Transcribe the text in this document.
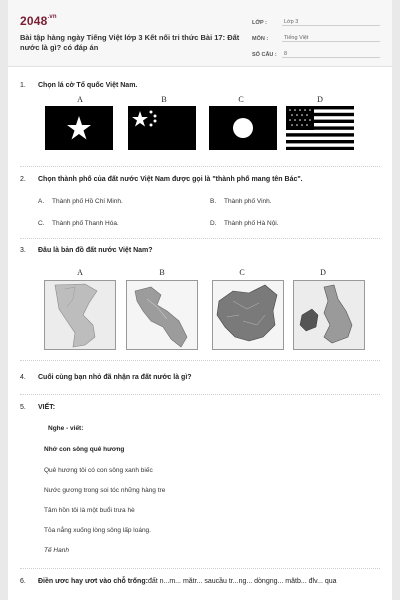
$2048^{.vn}$
Bài tập hàng ngày Tiếng Việt lớp 3 Kết nối tri thức Bài 17: Đất nước là gì? có đáp án
LỚP :	Lớp 3
MÔN :	Tiếng Việt
SỐ CÂU :	8
1. Chọn lá cờ Tổ quốc Việt Nam.
A	B	C	D
2. Chọn thành phố của đất nước Việt Nam được gọi là "thành phố mang tên Bác".
A. Thành phố Hồ Chí Minh.	B. Thành phố Vinh.
C. Thành phố Thanh Hóa.	D. Thành phố Hà Nội.
3. Đâu là bản đồ đất nước Việt Nam?
A	B	C	D
4. Cuối cùng bạn nhỏ đã nhận ra đất nước là gì?
5. VIẾT:
Nghe - viết:
Nhớ con sông quê hương
Quê hương tôi có con sông xanh biếc
Nước gương trong soi tóc những hàng tre
Tâm hồn tôi là một buổi trưa hè
Tỏa nắng xuống lòng sông lấp loáng.
Tế Hanh
6. Điền ươc hay ươt vào chỗ trống:đất n...m... mătr... saucầu tr...ng... dòngng... mătb... đlv... qua
